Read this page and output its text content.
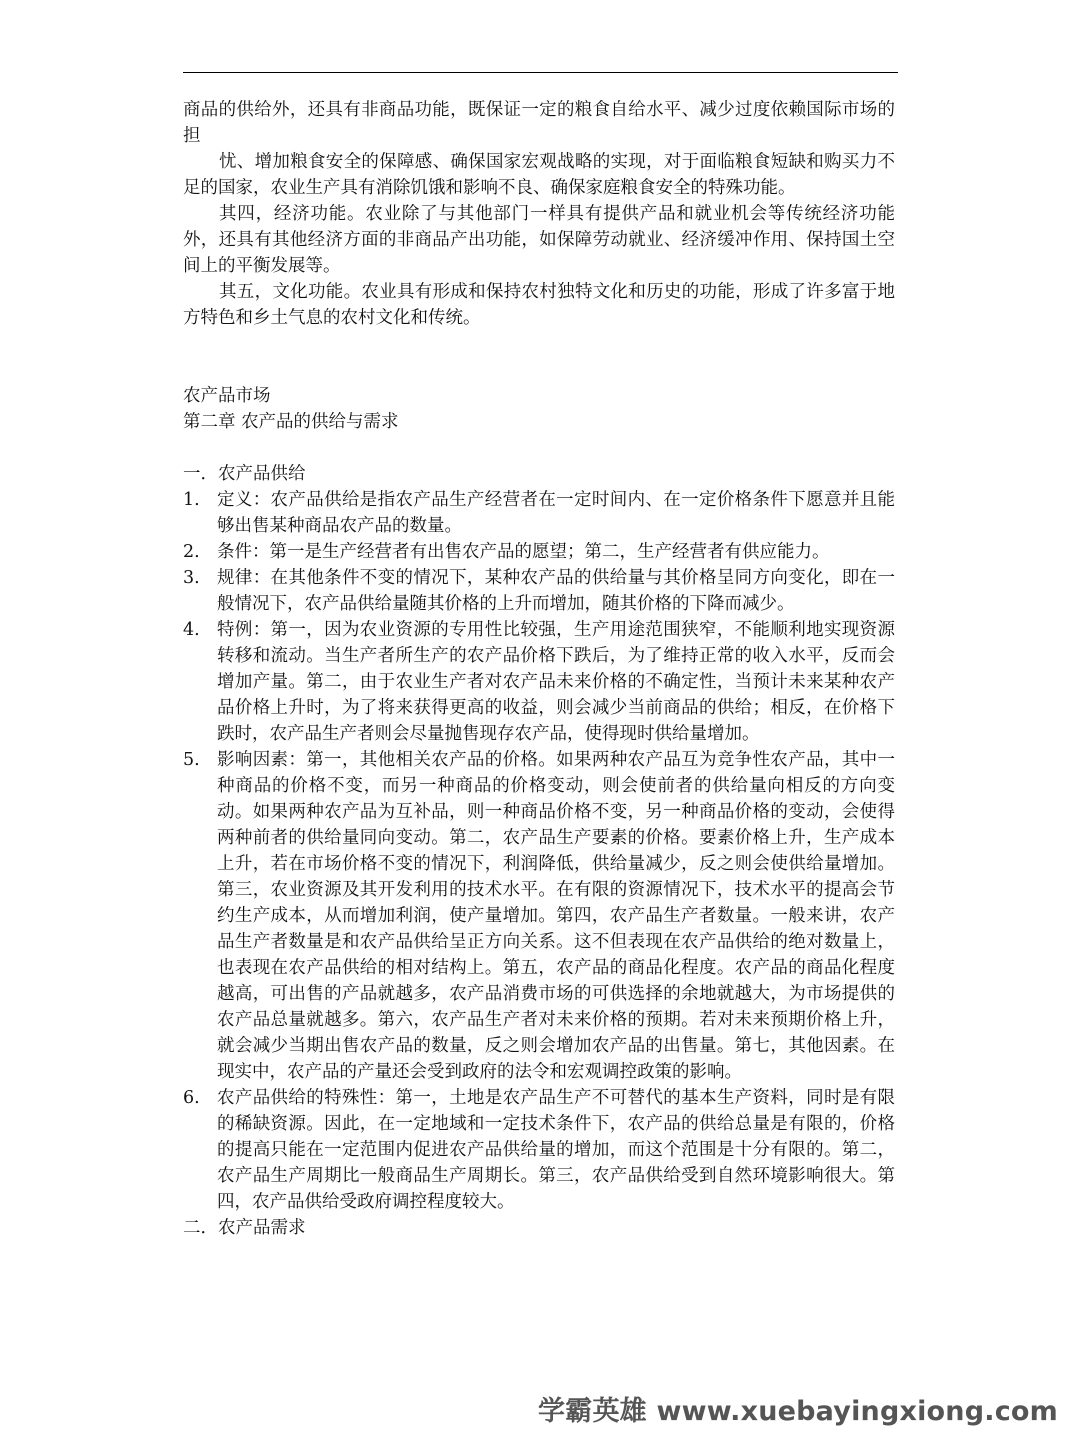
商品的供给外，还具有非商品功能，既保证一定的粮食自给水平、减少过度依赖国际市场的担

忧、增加粮食安全的保障感、确保国家宏观战略的实现，对于面临粮食短缺和购买力不足的国家，农业生产具有消除饥饿和影响不良、确保家庭粮食安全的特殊功能。

其四，经济功能。农业除了与其他部门一样具有提供产品和就业机会等传统经济功能外，还具有其他经济方面的非商品产出功能，如保障劳动就业、经济缓冲作用、保持国土空间上的平衡发展等。

其五，文化功能。农业具有形成和保持农村独特文化和历史的功能，形成了许多富于地方特色和乡土气息的农村文化和传统。

农产品市场

第二章 农产品的供给与需求

一．农产品供给

1. 定义：农产品供给是指农产品生产经营者在一定时间内、在一定价格条件下愿意并且能够出售某种商品农产品的数量。
2. 条件：第一是生产经营者有出售农产品的愿望；第二，生产经营者有供应能力。
3. 规律：在其他条件不变的情况下，某种农产品的供给量与其价格呈同方向变化，即在一般情况下，农产品供给量随其价格的上升而增加，随其价格的下降而减少。
4. 特例：第一，因为农业资源的专用性比较强，生产用途范围狭窄，不能顺利地实现资源转移和流动。当生产者所生产的农产品价格下跌后，为了维持正常的收入水平，反而会增加产量。第二，由于农业生产者对农产品未来价格的不确定性，当预计未来某种农产品价格上升时，为了将来获得更高的收益，则会减少当前商品的供给；相反，在价格下跌时，农产品生产者则会尽量抛售现存农产品，使得现时供给量增加。
5. 影响因素：第一，其他相关农产品的价格。如果两种农产品互为竞争性农产品，其中一种商品的价格不变，而另一种商品的价格变动，则会使前者的供给量向相反的方向变动。如果两种农产品为互补品，则一种商品价格不变，另一种商品价格的变动，会使得两种前者的供给量同向变动。第二，农产品生产要素的价格。要素价格上升，生产成本上升，若在市场价格不变的情况下，利润降低，供给量减少，反之则会使供给量增加。第三，农业资源及其开发利用的技术水平。在有限的资源情况下，技术水平的提高会节约生产成本，从而增加利润，使产量增加。第四，农产品生产者数量。一般来讲，农产品生产者数量是和农产品供给呈正方向关系。这不但表现在农产品供给的绝对数量上，也表现在农产品供给的相对结构上。第五，农产品的商品化程度。农产品的商品化程度越高，可出售的产品就越多，农产品消费市场的可供选择的余地就越大，为市场提供的农产品总量就越多。第六，农产品生产者对未来价格的预期。若对未来预期价格上升，就会减少当期出售农产品的数量，反之则会增加农产品的出售量。第七，其他因素。在现实中，农产品的产量还会受到政府的法令和宏观调控政策的影响。
6. 农产品供给的特殊性：第一，土地是农产品生产不可替代的基本生产资料，同时是有限的稀缺资源。因此，在一定地域和一定技术条件下，农产品的供给总量是有限的，价格的提高只能在一定范围内促进农产品供给量的增加，而这个范围是十分有限的。第二，农产品生产周期比一般商品生产周期长。第三，农产品供给受到自然环境影响很大。第四，农产品供给受政府调控程度较大。

二．农产品需求

学霸英雄 www.xuebayingxiong.com
